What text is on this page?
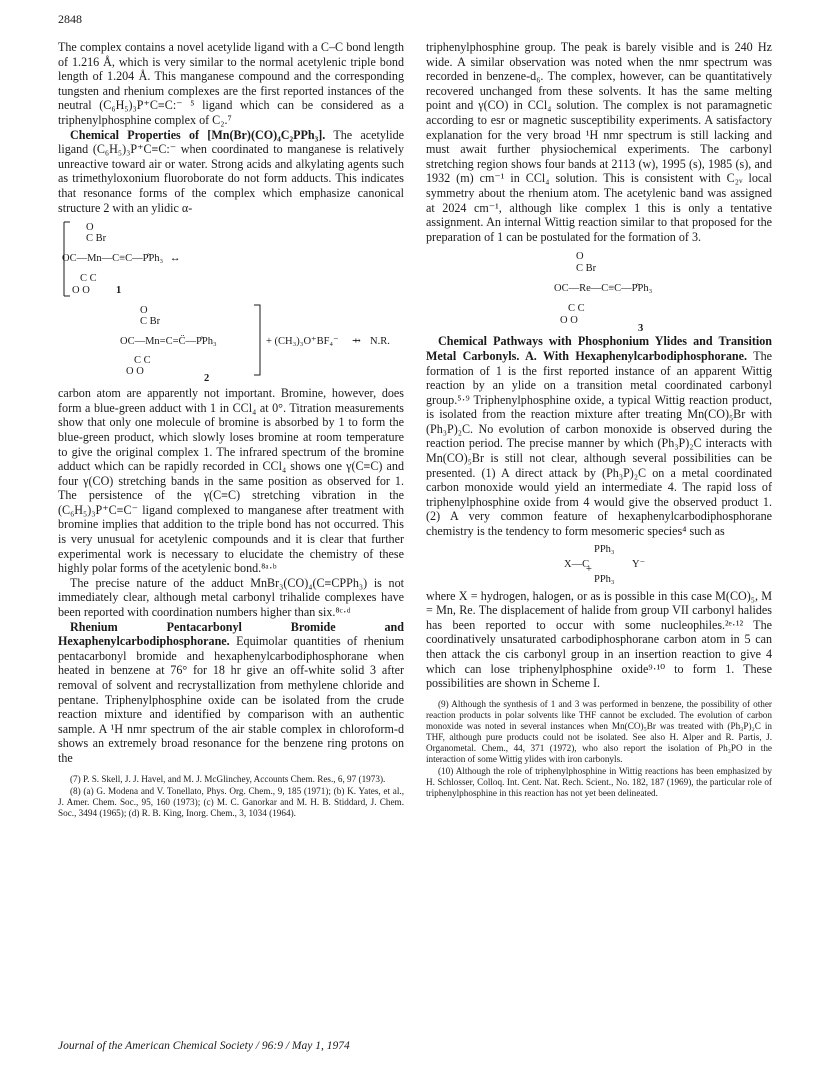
2848

The complex contains a novel acetylide ligand with a C–C bond length of 1.216 Å, which is very similar to the normal acetylenic triple bond length of 1.204 Å. This manganese compound and the corresponding tungsten and rhenium complexes are the first reported instances of the neutral (C₆H₅)₃P⁺C≡C:⁻ ⁵ ligand which can be considered as a triphenylphosphine complex of C₂.⁷

Chemical Properties of [Mn(Br)(CO)₄C₂PPh₃]. The acetylide ligand (C₆H₅)₃P⁺C≡C:⁻ when coordinated to manganese is relatively unreactive toward air or water. Strong acids and alkylating agents such as trimethyloxonium fluoroborate do not form adducts. This indicates that resonance forms of the complex which emphasize canonical structure 2 with an ylidic α-

O
C Br
OC—Mn—C≡C—P̊Ph₃ ↔
C C
O O 1
O
C Br
OC—Mn=C=C̈—P̊Ph₃	+ (CH₃)₃O⁺BF₄⁻ ⇸ N.R.
C C
O O
2

carbon atom are apparently not important. Bromine, however, does form a blue-green adduct with 1 in CCl₄ at 0°. Titration measurements show that only one molecule of bromine is absorbed by 1 to form the blue-green product, which slowly loses bromine at room temperature to give the original complex 1. The infrared spectrum of the bromine adduct which can be rapidly recorded in CCl₄ shows one γ(C≡C) and four γ(CO) stretching bands in the same position as observed for 1. The persistence of the γ(C≡C) stretching vibration in the (C₆H₅)₃P⁺C≡C⁻ ligand complexed to manganese after treatment with bromine implies that addition to the triple bond has not occurred. This is very unusual for acetylenic compounds and it is clear that further experimental work is necessary to elucidate the chemistry of these highly polar forms of the acetylenic bond.⁸ᵃ·ᵇ

The precise nature of the adduct MnBr₃(CO)₄(C≡CPPh₃) is not immediately clear, although metal carbonyl trihalide complexes have been reported with coordination numbers higher than six.⁸ᶜ·ᵈ

Rhenium Pentacarbonyl Bromide and Hexaphenylcarbodiphosphorane. Equimolar quantities of rhenium pentacarbonyl bromide and hexaphenylcarbodiphosphorane when heated in benzene at 76° for 18 hr give an off-white solid 3 after removal of solvent and recrystallization from methylene chloride and pentane. Triphenylphosphine oxide can be isolated from the crude reaction mixture and identified by comparison with an authentic sample. A ¹H nmr spectrum of the air stable complex in chloroform-d shows an extremely broad resonance for the benzene ring protons on the

(7) P. S. Skell, J. J. Havel, and M. J. McGlinchey, Accounts Chem. Res., 6, 97 (1973).

(8) (a) G. Modena and V. Tonellato, Phys. Org. Chem., 9, 185 (1971); (b) K. Yates, et al., J. Amer. Chem. Soc., 95, 160 (1973); (c) M. C. Ganorkar and M. H. B. Stiddard, J. Chem. Soc., 3494 (1965); (d) R. B. King, Inorg. Chem., 3, 1034 (1964).

triphenylphosphine group. The peak is barely visible and is 240 Hz wide. A similar observation was noted when the nmr spectrum was recorded in benzene-d₆. The complex, however, can be quantitatively recovered unchanged from these solvents. It has the same melting point and γ(CO) in CCl₄ solution. The complex is not paramagnetic according to esr or magnetic susceptibility experiments. A satisfactory explanation for the very broad ¹H nmr spectrum is still lacking and must await further physiochemical experiments. The carbonyl stretching region shows four bands at 2113 (w), 1995 (s), 1985 (s), and 1932 (m) cm⁻¹ in CCl₄ solution. This is consistent with C₂ᵥ local symmetry about the rhenium atom. The acetylenic band was assigned at 2024 cm⁻¹, although like complex 1 this is only a tentative assignment. An internal Wittig reaction similar to that proposed for the preparation of 1 can be postulated for the formation of 3.

O
C Br
OC—Re—C≡C—P̊Ph₃
C C
O O
3

Chemical Pathways with Phosphonium Ylides and Transition Metal Carbonyls. A. With Hexaphenylcarbodiphosphorane. The formation of 1 is the first reported instance of an apparent Wittig reaction by an ylide on a transition metal coordinated carbonyl group.⁵·⁹ Triphenylphosphine oxide, a typical Wittig reaction product, is isolated from the reaction mixture after treating Mn(CO)₅Br with (Ph₃P)₂C. No evolution of carbon monoxide is observed during the reaction period. The precise manner by which (Ph₃P)₂C interacts with Mn(CO)₅Br is still not clear, although several possibilities can be presented. (1) A direct attack by (Ph₃P)₂C on a metal coordinated carbon monoxide would yield an intermediate 4. The rapid loss of triphenylphosphine oxide from 4 would give the observed product 1. (2) A very common feature of hexaphenylcarbodiphosphorane chemistry is the tendency to form mesomeric species⁴ such as

PPh₃
X—C
+	Y⁻
PPh₃

where X = hydrogen, halogen, or as is possible in this case M(CO)₅, M = Mn, Re. The displacement of halide from group VII carbonyl halides has been reported to occur with some nucleophiles.²ᵉ·¹² The coordinatively unsaturated carbodiphosphorane carbon atom in 5 can then attack the cis carbonyl group in an insertion reaction to give 4 which can lose triphenylphosphine oxide⁹·¹⁰ to form 1. These possibilities are shown in Scheme I.

(9) Although the synthesis of 1 and 3 was performed in benzene, the possibility of other reaction products in polar solvents like THF cannot be excluded. The evolution of carbon monoxide was noted in several instances when Mn(CO)₅Br was treated with (Ph₃P)₂C in THF, although pure products could not be isolated. See also H. Alper and R. Partis, J. Organometal. Chem., 44, 371 (1972), who also report the isolation of Ph₃PO in the interaction of some Wittig ylides with iron carbonyls.

(10) Although the role of triphenylphosphine in Wittig reactions has been emphasized by H. Schlosser, Colloq. Int. Cent. Nat. Rech. Scient., No. 182, 187 (1969), the particular role of triphenylphosphine in this reaction has not yet been delineated.

Journal of the American Chemical Society / 96:9 / May 1, 1974
